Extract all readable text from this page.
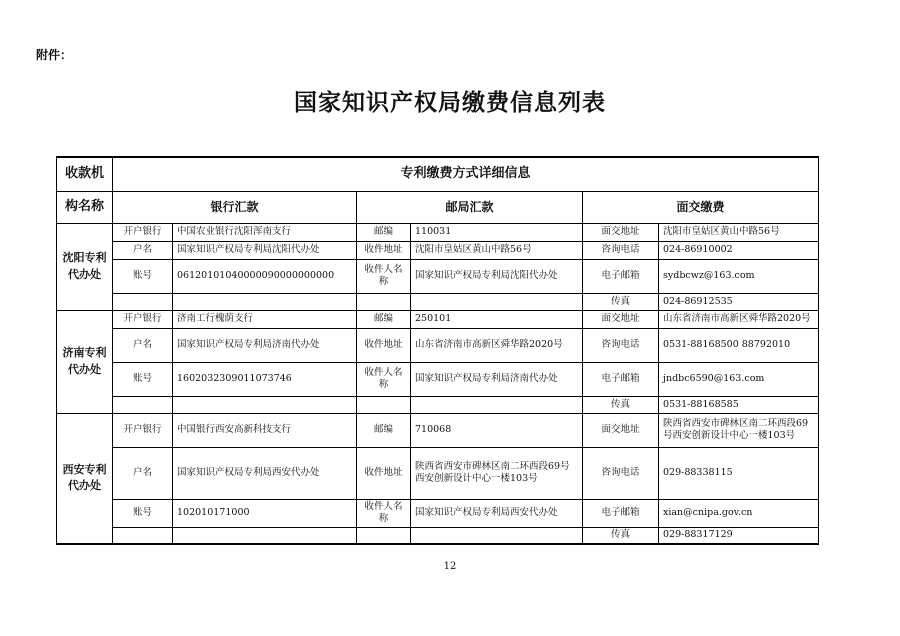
附件：
国家知识产权局缴费信息列表
收款机	专利缴费方式详细信息					
构名称	银行汇款		邮局汇款		面交缴费	
沈阳专利代办处	开户银行	中国农业银行沈阳浑南支行	邮编	110031	面交地址	沈阳市皇姑区黄山中路56号
	户名	国家知识产权局专利局沈阳代办处	收件地址	沈阳市皇姑区黄山中路56号	咨询电话	024-86910002
	账号	06120101040000090000000000	收件人名称	国家知识产权局专利局沈阳代办处	电子邮箱	sydbcwz@163.com
					传真	024-86912535
济南专利代办处	开户银行	济南工行槐荫支行	邮编	250101	面交地址	山东省济南市高新区舜华路2020号
	户名	国家知识产权局专利局济南代办处	收件地址	山东省济南市高新区舜华路2020号	咨询电话	0531-88168500 88792010
	账号	1602032309011073746	收件人名称	国家知识产权局专利局济南代办处	电子邮箱	jndbc6590@163.com
					传真	0531-88168585
西安专利代办处	开户银行	中国银行西安高新科技支行	邮编	710068	面交地址	陕西省西安市碑林区南二环西段69号西安创新设计中心一楼103号
	户名	国家知识产权局专利局西安代办处	收件地址	陕西省西安市碑林区南二环西段69号西安创新设计中心一楼103号	咨询电话	029-88338115
	账号	102010171000	收件人名称	国家知识产权局专利局西安代办处	电子邮箱	xian@cnipa.gov.cn
					传真	029-88317129
12
